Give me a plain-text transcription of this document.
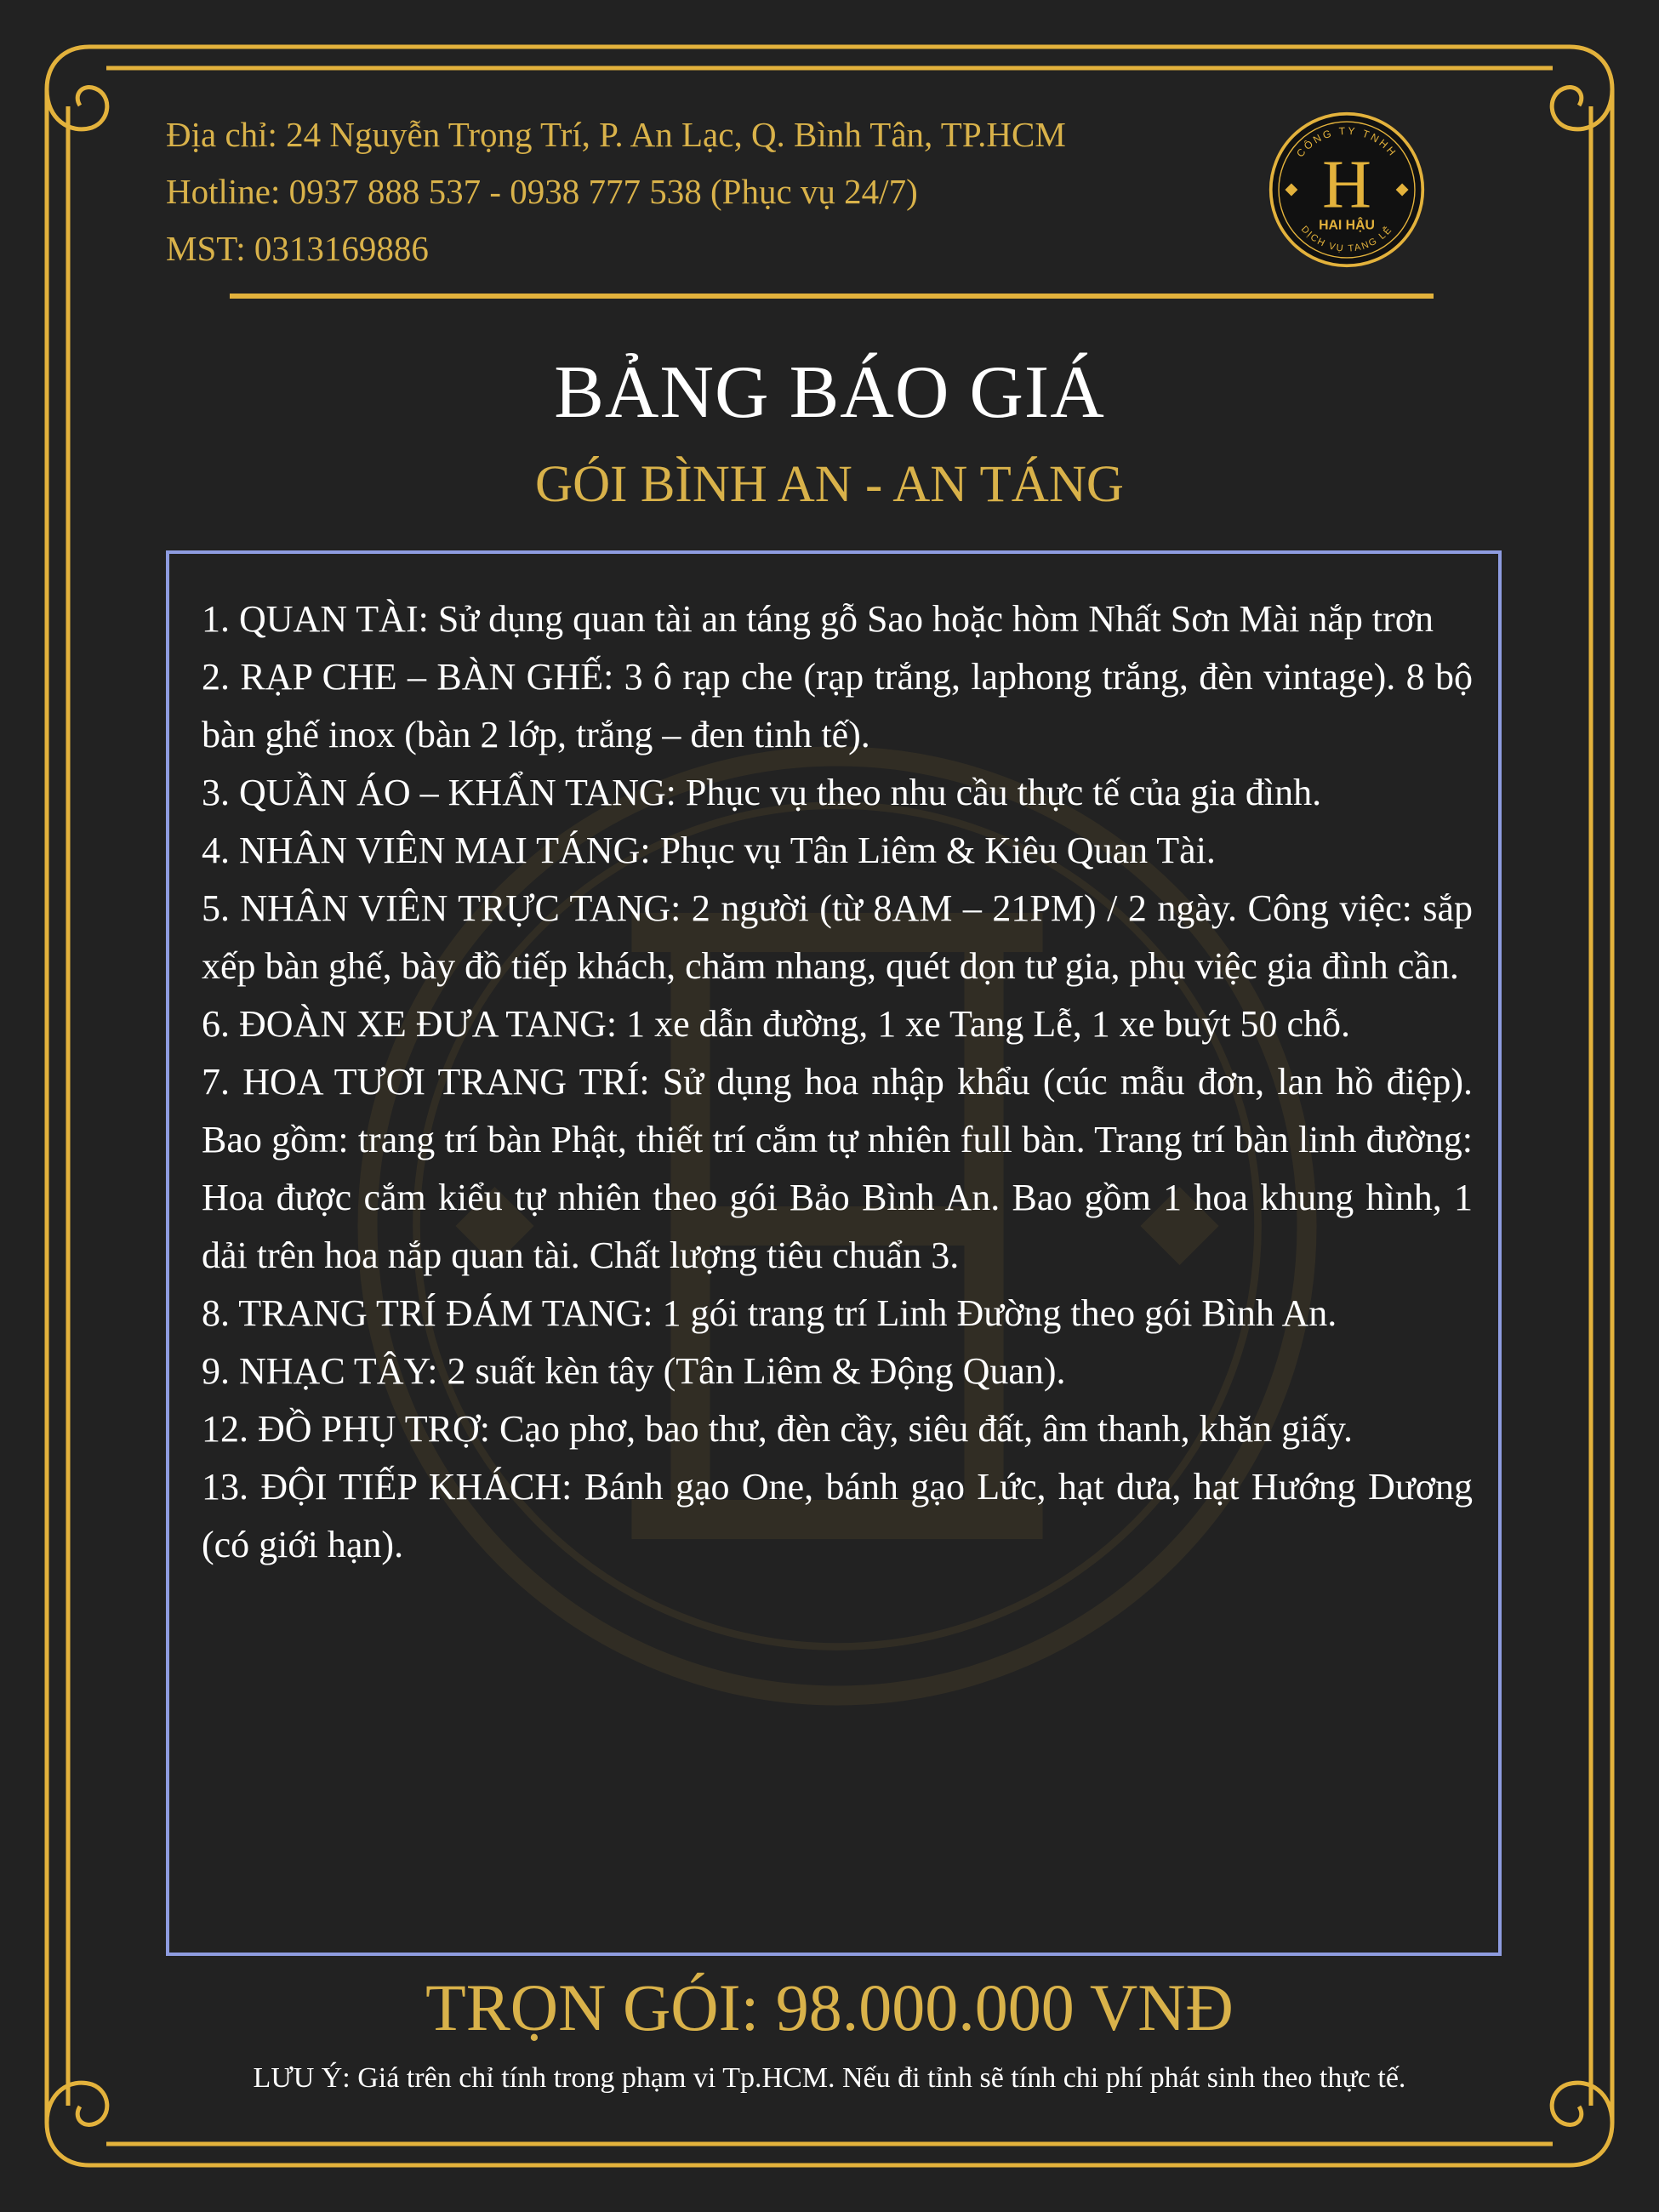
Địa chỉ: 24 Nguyễn Trọng Trí, P. An Lạc, Q. Bình Tân, TP.HCM
Hotline: 0937 888 537 - 0938 777 538 (Phục vụ 24/7)
MST: 0313169886
CÔNG TY TNHH
H
HAI HẬU
DỊCH VỤ TANG LỄ
BẢNG BÁO GIÁ
GÓI BÌNH AN - AN TÁNG

1. QUAN TÀI: Sử dụng quan tài an táng gỗ Sao hoặc hòm Nhất Sơn Mài nắp trơn

2. RẠP CHE – BÀN GHẾ: 3 ô rạp che (rạp trắng, laphong trắng, đèn vintage). 8 bộ bàn ghế inox (bàn 2 lớp, trắng – đen tinh tế).

3. QUẦN ÁO – KHẨN TANG: Phục vụ theo nhu cầu thực tế của gia đình.

4. NHÂN VIÊN MAI TÁNG: Phục vụ Tân Liêm & Kiêu Quan Tài.

5. NHÂN VIÊN TRỰC TANG: 2 người (từ 8AM – 21PM) / 2 ngày. Công việc: sắp xếp bàn ghế, bày đồ tiếp khách, chăm nhang, quét dọn tư gia, phụ việc gia đình cần.

6. ĐOÀN XE ĐƯA TANG: 1 xe dẫn đường, 1 xe Tang Lễ, 1 xe buýt 50 chỗ.

7. HOA TƯƠI TRANG TRÍ: Sử dụng hoa nhập khẩu (cúc mẫu đơn, lan hồ điệp). Bao gồm: trang trí bàn Phật, thiết trí cắm tự nhiên full bàn. Trang trí bàn linh đường: Hoa được cắm kiểu tự nhiên theo gói Bảo Bình An. Bao gồm 1 hoa khung hình, 1 dải trên hoa nắp quan tài. Chất lượng tiêu chuẩn 3.

8. TRANG TRÍ ĐÁM TANG: 1 gói trang trí Linh Đường theo gói Bình An.

9. NHẠC TÂY: 2 suất kèn tây (Tân Liêm & Động Quan).

12. ĐỒ PHỤ TRỢ: Cạo phơ, bao thư, đèn cầy, siêu đất, âm thanh, khăn giấy.

13. ĐỘI TIẾP KHÁCH: Bánh gạo One, bánh gạo Lức, hạt dưa, hạt Hướng Dương (có giới hạn).

TRỌN GÓI: 98.000.000 VNĐ
LƯU Ý: Giá trên chỉ tính trong phạm vi Tp.HCM. Nếu đi tỉnh sẽ tính chi phí phát sinh theo thực tế.
